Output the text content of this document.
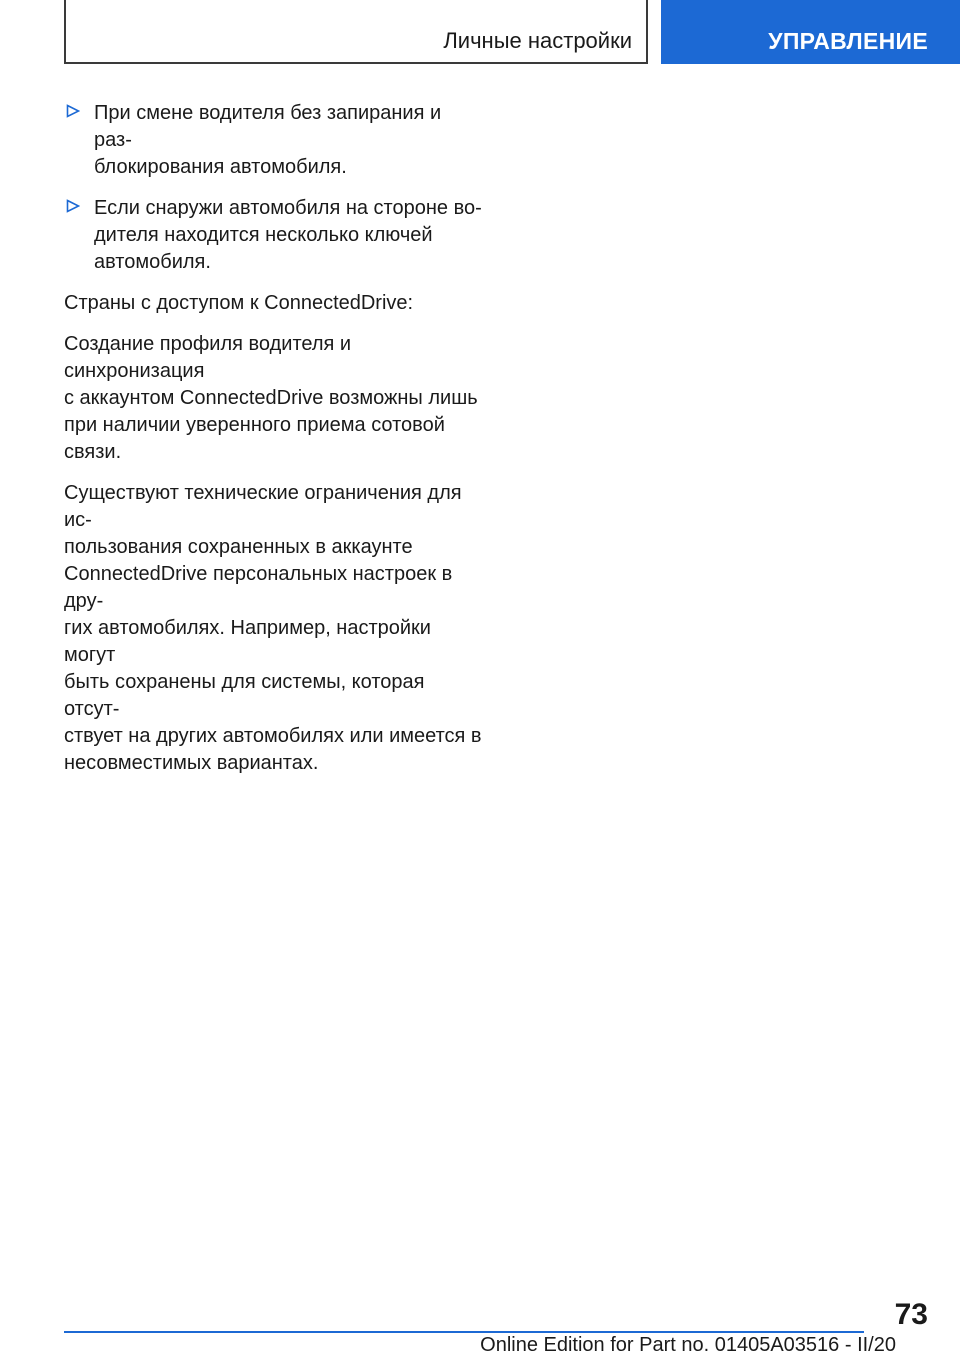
Личные настройки	УПРАВЛЕНИЕ
При смене водителя без запирания и раз-
блокирования автомобиля.
Если снаружи автомобиля на стороне во-
дителя находится несколько ключей
автомобиля.
Страны с доступом к ConnectedDrive:
Создание профиля водителя и синхронизация
с аккаунтом ConnectedDrive возможны лишь
при наличии уверенного приема сотовой
связи.
Существуют технические ограничения для ис-
пользования сохраненных в аккаунте
ConnectedDrive персональных настроек в дру-
гих автомобилях. Например, настройки могут
быть сохранены для системы, которая отсут-
ствует на других автомобилях или имеется в
несовместимых вариантах.
73
Online Edition for Part no. 01405A03516 - II/20
